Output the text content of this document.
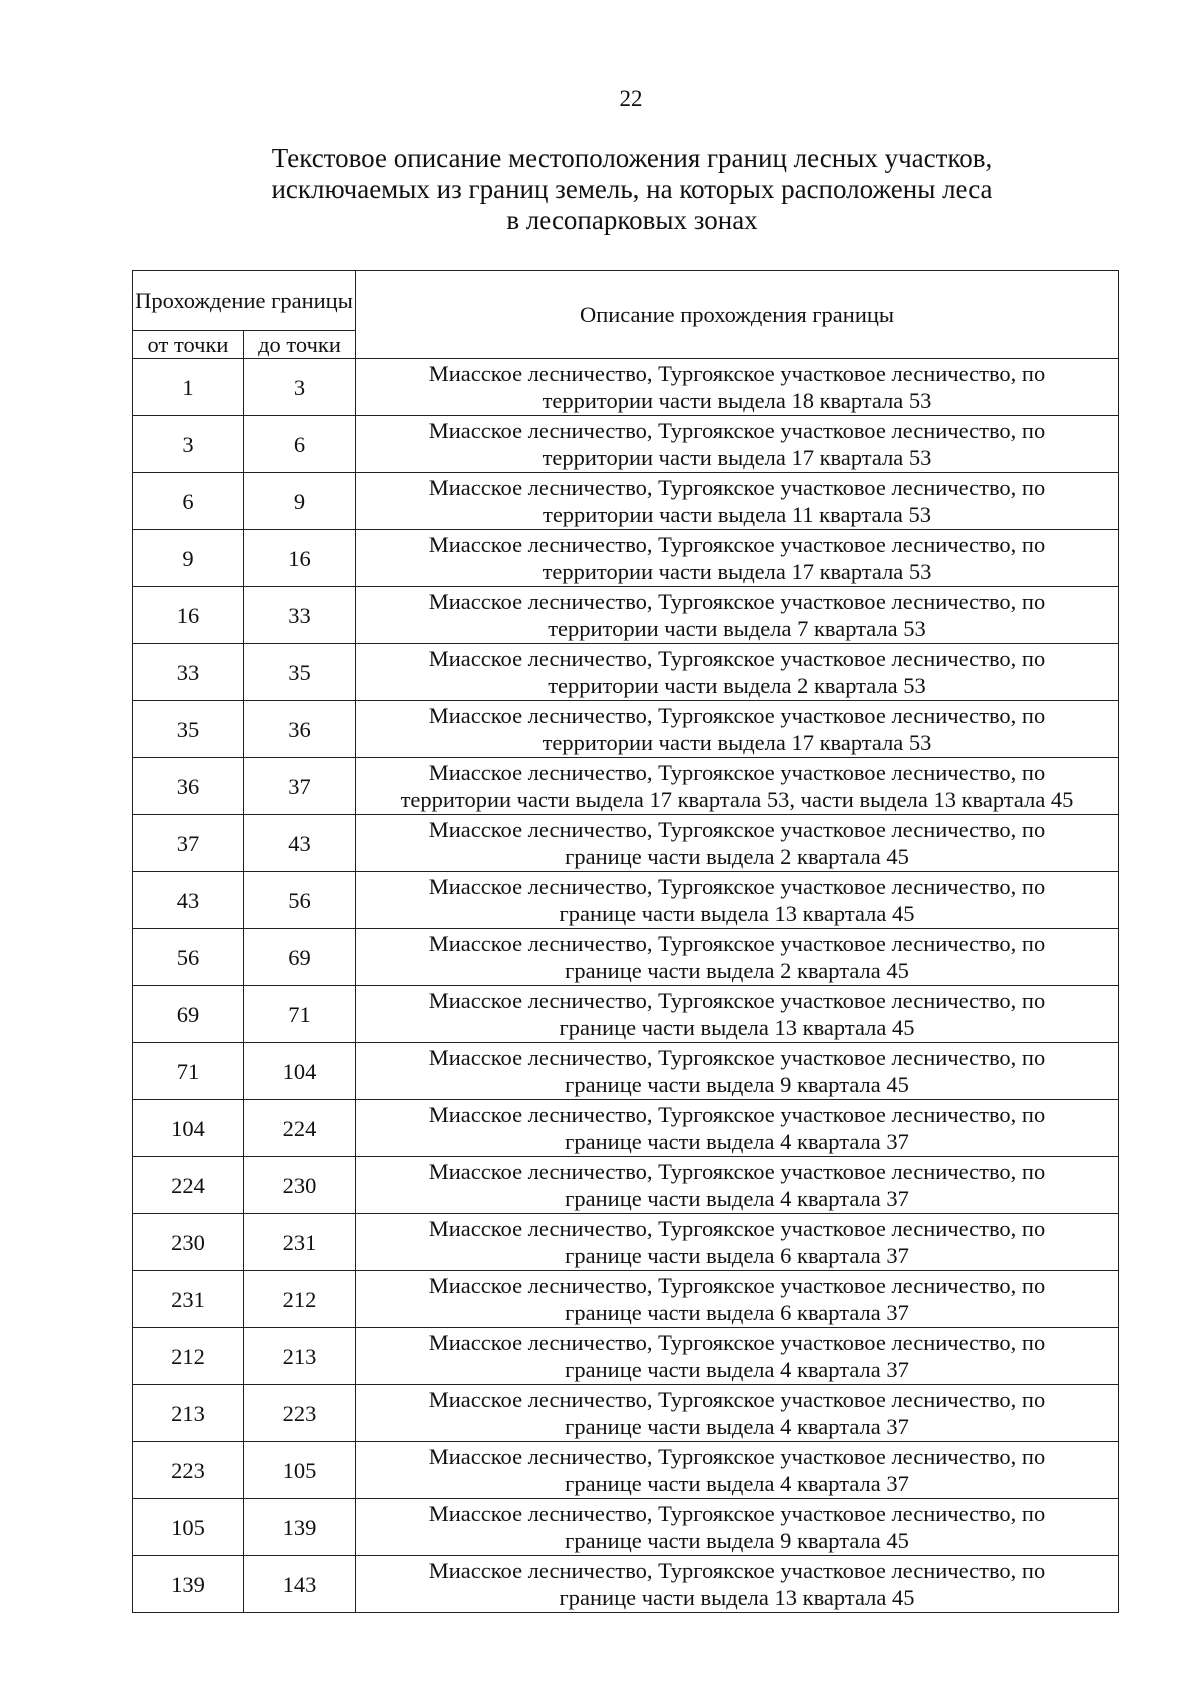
22
Текстовое описание местоположения границ лесных участков,
исключаемых из границ земель, на которых расположены леса
в лесопарковых зонах
Прохождение границы		Описание прохождения границы
от точки	до точки	
1	3	Миасское лесничество, Тургоякское участковое лесничество, по
территории части выдела 18 квартала 53

3	6	Миасское лесничество, Тургоякское участковое лесничество, по
территории части выдела 17 квартала 53

6	9	Миасское лесничество, Тургоякское участковое лесничество, по
территории части выдела 11 квартала 53

9	16	Миасское лесничество, Тургоякское участковое лесничество, по
территории части выдела 17 квартала 53

16	33	Миасское лесничество, Тургоякское участковое лесничество, по
территории части выдела 7 квартала 53

33	35	Миасское лесничество, Тургоякское участковое лесничество, по
территории части выдела 2 квартала 53

35	36	Миасское лесничество, Тургоякское участковое лесничество, по
территории части выдела 17 квартала 53

36	37	Миасское лесничество, Тургоякское участковое лесничество, по
территории части выдела 17 квартала 53, части выдела 13 квартала 45

37	43	Миасское лесничество, Тургоякское участковое лесничество, по
границе части выдела 2 квартала 45

43	56	Миасское лесничество, Тургоякское участковое лесничество, по
границе части выдела 13 квартала 45

56	69	Миасское лесничество, Тургоякское участковое лесничество, по
границе части выдела 2 квартала 45

69	71	Миасское лесничество, Тургоякское участковое лесничество, по
границе части выдела 13 квартала 45

71	104	Миасское лесничество, Тургоякское участковое лесничество, по
границе части выдела 9 квартала 45

104	224	Миасское лесничество, Тургоякское участковое лесничество, по
границе части выдела 4 квартала 37

224	230	Миасское лесничество, Тургоякское участковое лесничество, по
границе части выдела 4 квартала 37

230	231	Миасское лесничество, Тургоякское участковое лесничество, по
границе части выдела 6 квартала 37

231	212	Миасское лесничество, Тургоякское участковое лесничество, по
границе части выдела 6 квартала 37

212	213	Миасское лесничество, Тургоякское участковое лесничество, по
границе части выдела 4 квартала 37

213	223	Миасское лесничество, Тургоякское участковое лесничество, по
границе части выдела 4 квартала 37

223	105	Миасское лесничество, Тургоякское участковое лесничество, по
границе части выдела 4 квартала 37

105	139	Миасское лесничество, Тургоякское участковое лесничество, по
границе части выдела 9 квартала 45

139	143	Миасское лесничество, Тургоякское участковое лесничество, по
границе части выдела 13 квартала 45
